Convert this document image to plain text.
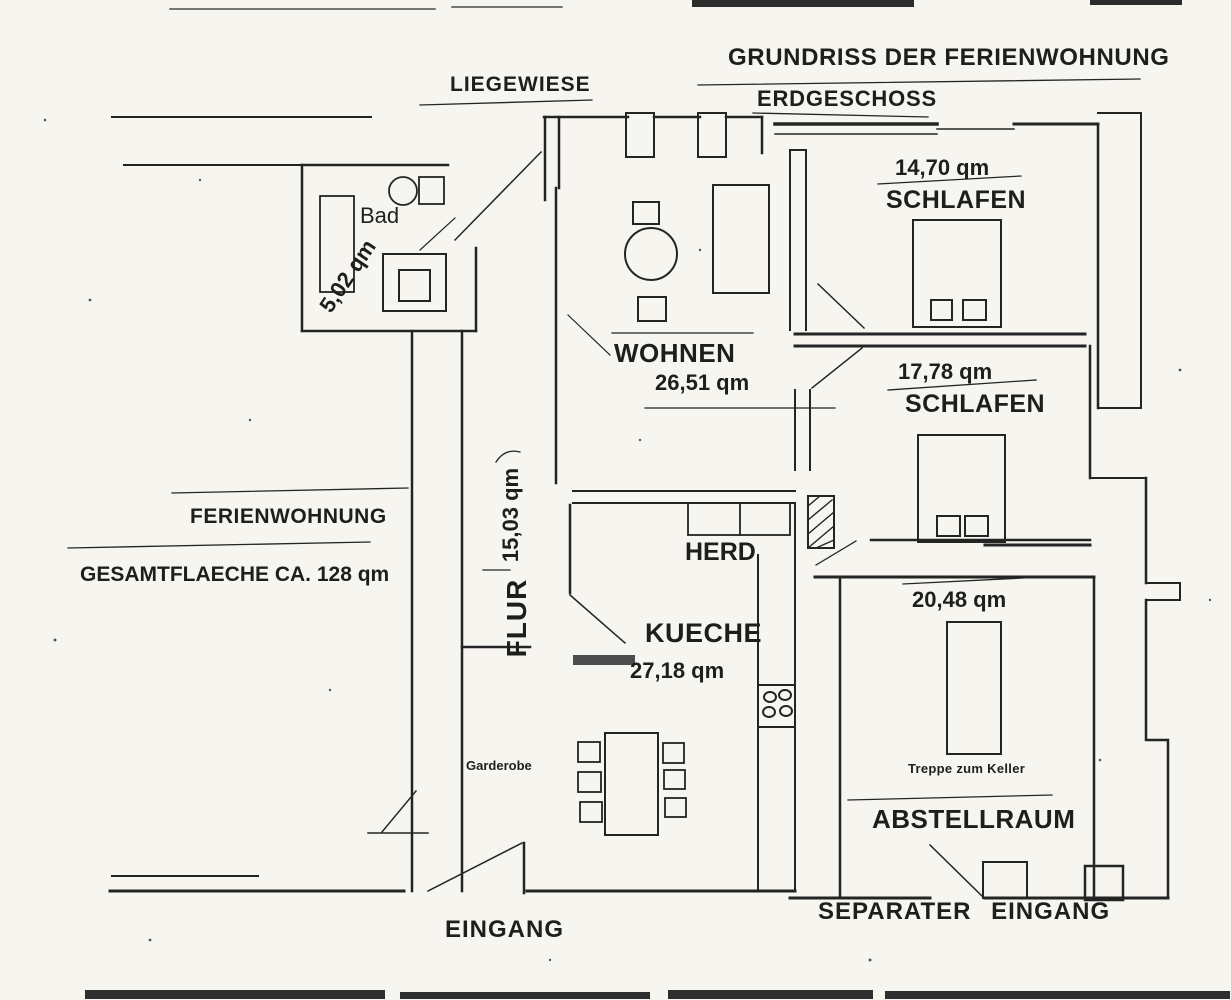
GRUNDRISS DER FERIENWOHNUNG
ERDGESCHOSS
LIEGEWIESE
Bad
5,02 qm
14,70 qm
SCHLAFEN
WOHNEN
26,51 qm	17,78 qm
SCHLAFEN
FERIENWOHNUNG
GESAMTFLAECHE CA. 128 qm
15,03 qm
FLUR
HERD
KUECHE
27,18 qm
20,48 qm
Treppe zum Keller
ABSTELLRAUM
Garderobe
EINGANG
SEPARATER EINGANG
